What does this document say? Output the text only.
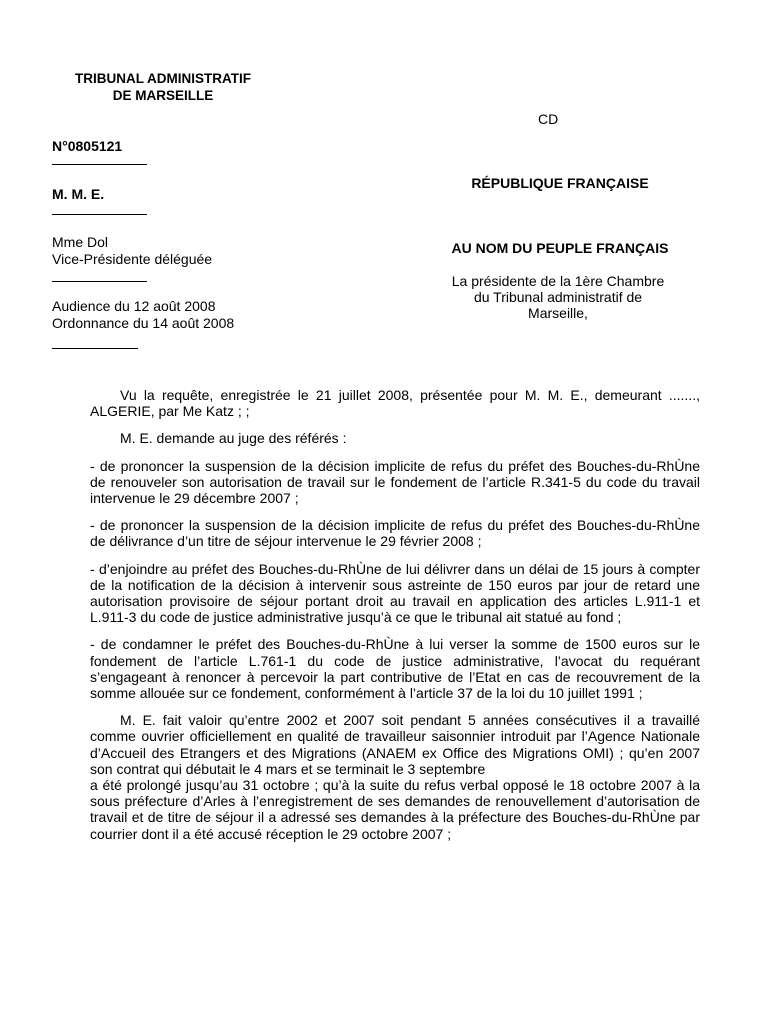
TRIBUNAL ADMINISTRATIF
DE MARSEILLE
CD
N°0805121
M. M. E.
Mme Dol
Vice-Présidente déléguée
Audience du 12 août 2008
Ordonnance du 14 août 2008
RÉPUBLIQUE FRANÇAISE
AU NOM DU PEUPLE FRANÇAIS
La présidente de la 1ère Chambre
du Tribunal administratif de
Marseille,

Vu la requête, enregistrée le 21 juillet 2008, présentée pour M. M. E., demeurant ......., ALGERIE, par Me Katz ; ;

M. E. demande au juge des référés :

- de prononcer la suspension de la décision implicite de refus du préfet des Bouches-du-RhÙne de renouveler son autorisation de travail sur le fondement de l’article R.341-5 du code du travail intervenue le 29 décembre 2007 ;

- de prononcer la suspension de la décision implicite de refus du préfet des Bouches-du-RhÙne de délivrance d’un titre de séjour intervenue le 29 février 2008 ;

- d’enjoindre au préfet des Bouches-du-RhÙne de lui délivrer dans un délai de 15 jours à compter de la notification de la décision à intervenir sous astreinte de 150 euros par jour de retard une autorisation provisoire de séjour portant droit au travail en application des articles L.911-1 et L.911-3 du code de justice administrative jusqu’à ce que le tribunal ait statué au fond ;

- de condamner le préfet des Bouches-du-RhÙne à lui verser la somme de 1500 euros sur le fondement de l’article L.761-1 du code de justice administrative, l’avocat du requérant s’engageant à renoncer à percevoir la part contributive de l’Etat en cas de recouvrement de la somme allouée sur ce fondement, conformément à l’article 37 de la loi du 10 juillet 1991 ;

M. E. fait valoir qu’entre 2002 et 2007 soit pendant 5 années consécutives il a travaillé comme ouvrier officiellement en qualité de travailleur saisonnier introduit par l’Agence Nationale d’Accueil des Etrangers et des Migrations (ANAEM ex Office des Migrations OMI) ; qu’en 2007 son contrat qui débutait le 4 mars et se terminait le 3 septembre

a été prolongé jusqu’au 31 octobre ; qu’à la suite du refus verbal opposé le 18 octobre 2007 à la sous préfecture d’Arles à l’enregistrement de ses demandes de renouvellement d’autorisation de travail et de titre de séjour il a adressé ses demandes à la préfecture des Bouches-du-RhÙne par courrier dont il a été accusé réception le 29 octobre 2007 ;
